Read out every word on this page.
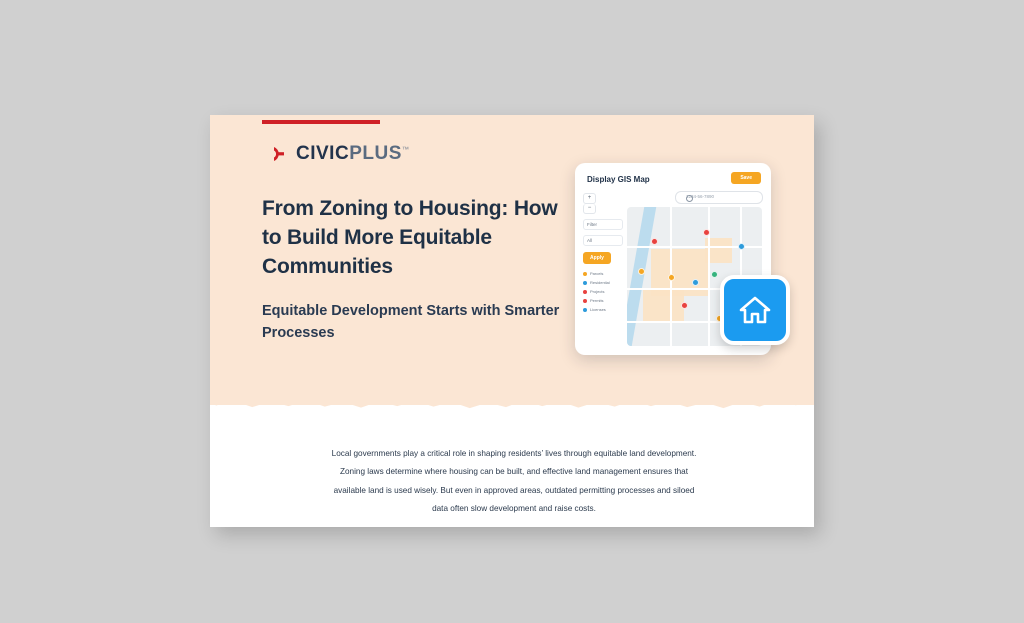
CIVICPLUS™
From Zoning to Housing: How to Build More Equitable Communities
Equitable Development Starts with Smarter Processes
Display GIS Map	Save
1234-56-7890
+
−
Filter
All
Apply
Parcels
Residential
Projects
Permits
Licenses
Local governments play a critical role in shaping residents’ lives through equitable land development. Zoning laws determine where housing can be built, and effective land management ensures that available land is used wisely. But even in approved areas, outdated permitting processes and siloed data often slow development and raise costs.
